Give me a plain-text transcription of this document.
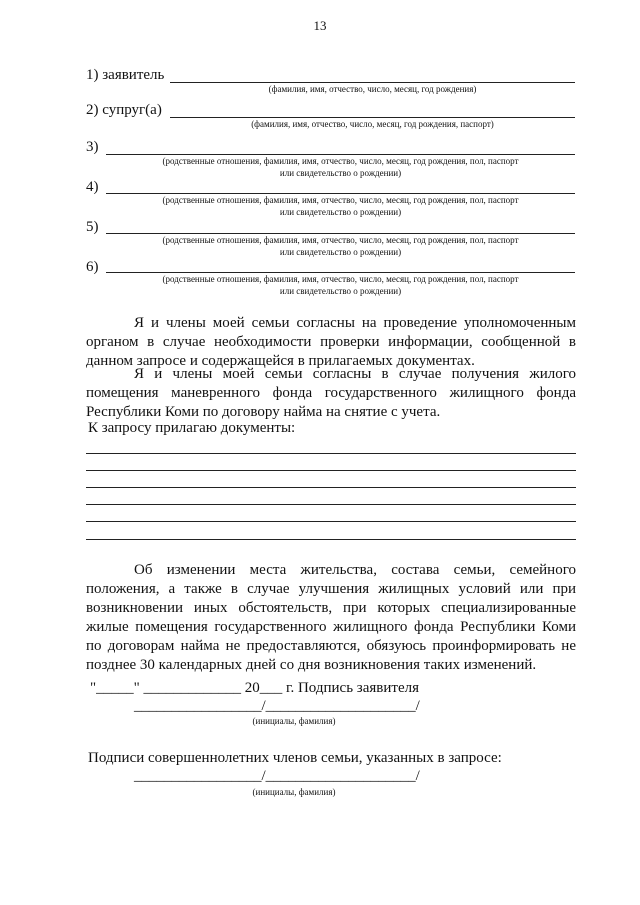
13
1) заявитель
(фамилия, имя, отчество, число, месяц, год рождения)
2) супруг(а)
(фамилия, имя, отчество, число, месяц, год рождения, паспорт)
3)
(родственные отношения, фамилия, имя, отчество, число, месяц, год рождения, пол, паспорт
или свидетельство о рождении)
4)
(родственные отношения, фамилия, имя, отчество, число, месяц, год рождения, пол, паспорт
или свидетельство о рождении)
5)
(родственные отношения, фамилия, имя, отчество, число, месяц, год рождения, пол, паспорт
или свидетельство о рождении)
6)
(родственные отношения, фамилия, имя, отчество, число, месяц, год рождения, пол, паспорт
или свидетельство о рождении)
Я и члены моей семьи согласны на проведение уполномоченным органом в случае необходимости проверки информации, сообщенной в данном запросе и содержащейся в прилагаемых документах.
Я и члены моей семьи согласны в случае получения жилого помещения маневренного фонда государственного жилищного фонда Республики Коми по договору найма на снятие с учета.
К запросу прилагаю документы:
Об изменении места жительства, состава семьи, семейного положения, а также в случае улучшения жилищных условий или при возникновении иных обстоятельств, при которых специализированные жилые помещения государственного жилищного фонда Республики Коми по договорам найма не предоставляются, обязуюсь проинформировать не позднее 30 календарных дней со дня возникновения таких изменений.
"_____" _____________ 20___ г. Подпись заявителя
_________________/____________________/
(инициалы, фамилия)
Подписи совершеннолетних членов семьи, указанных в запросе:
_________________/____________________/
(инициалы, фамилия)
